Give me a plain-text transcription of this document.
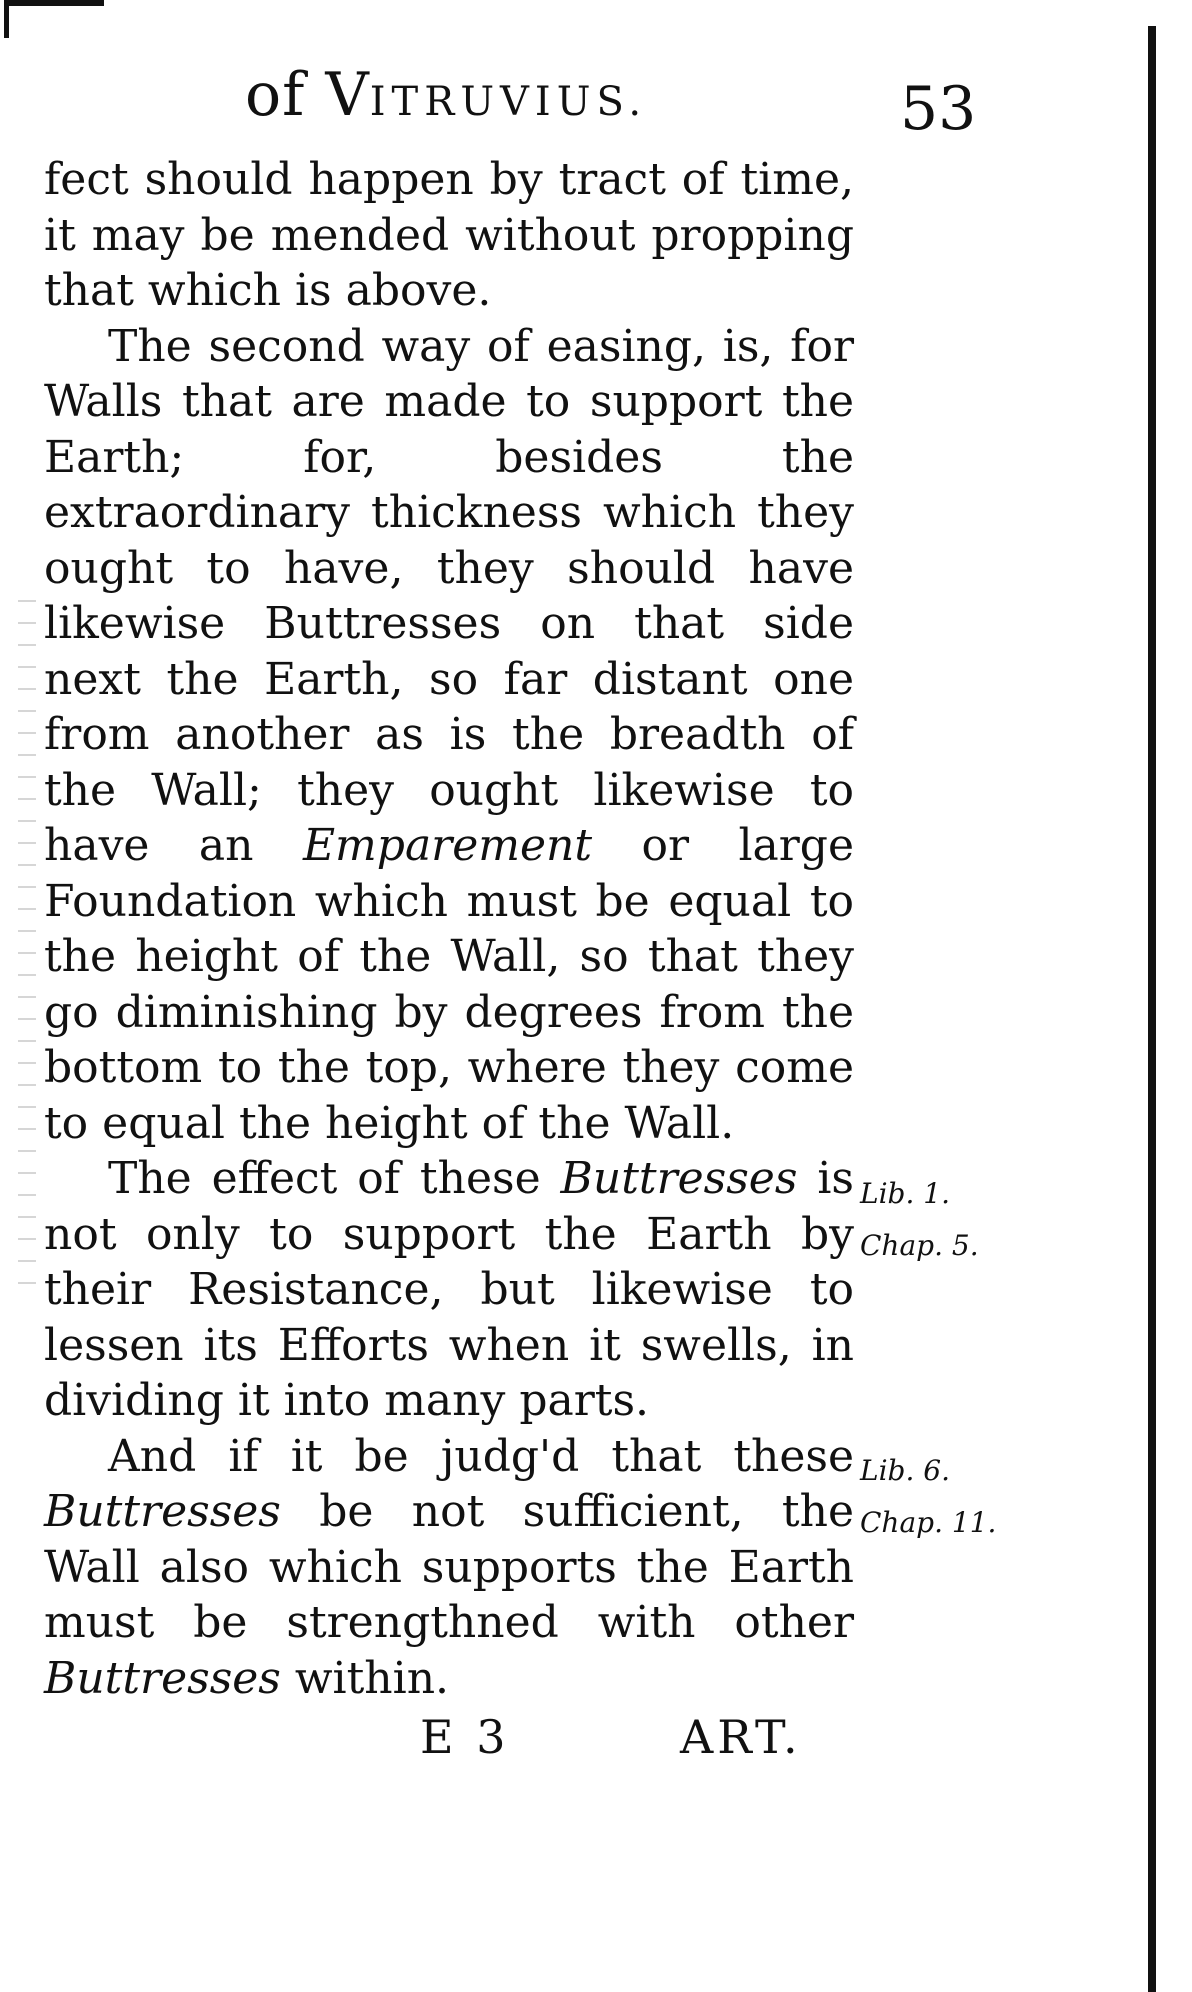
of VITRUVIUS.	53

fect should happen by tract of time, it may be mended without propping that which is above.

The second way of easing, is, for Walls that are made to support the Earth; for, besides the extraordinary thickness which they ought to have, they should have likewise Buttresses on that side next the Earth, so far distant one from another as is the breadth of the Wall; they ought likewise to have an Emparement or large Foundation which must be equal to the height of the Wall, so that they go diminishing by degrees from the bottom to the top, where they come to equal the height of the Wall.

The effect of these Buttresses is not only to support the Earth by their Resistance, but likewise to lessen its Efforts when it swells, in dividing it into many parts.

And if it be judg'd that these Buttresses be not sufficient, the Wall also which supports the Earth must be strengthned with other Buttresses within.

Lib. 1.
Chap. 5.
Lib. 6.
Chap. 11.
E 3	ART.
